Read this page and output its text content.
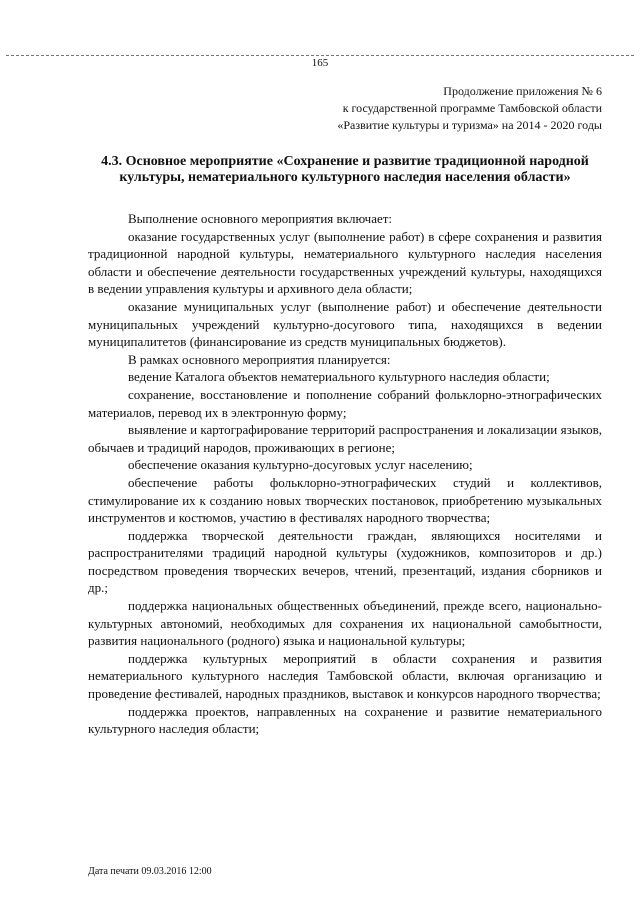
165
Продолжение приложения № 6
к государственной программе Тамбовской области
«Развитие культуры и туризма» на 2014 - 2020 годы
4.3. Основное мероприятие «Сохранение и развитие традиционной народной культуры, нематериального культурного наследия населения области»

Выполнение основного мероприятия включает:

оказание государственных услуг (выполнение работ) в сфере сохранения и развития традиционной народной культуры, нематериального культурного наследия населения области и обеспечение деятельности государственных учреждений культуры, находящихся в ведении управления культуры и архивного дела области;

оказание муниципальных услуг (выполнение работ) и обеспечение деятельности муниципальных учреждений культурно-досугового типа, находящихся в ведении муниципалитетов (финансирование из средств муниципальных бюджетов).

В рамках основного мероприятия планируется:

ведение Каталога объектов нематериального культурного наследия области;

сохранение, восстановление и пополнение собраний фольклорно-этнографических материалов, перевод их в электронную форму;

выявление и картографирование территорий распространения и локализации языков, обычаев и традиций народов, проживающих в регионе;

обеспечение оказания культурно-досуговых услуг населению;

обеспечение работы фольклорно-этнографических студий и коллективов, стимулирование их к созданию новых творческих постановок, приобретению музыкальных инструментов и костюмов, участию в фестивалях народного творчества;

поддержка творческой деятельности граждан, являющихся носителями и распространителями традиций народной культуры (художников, композиторов и др.) посредством проведения творческих вечеров, чтений, презентаций, издания сборников и др.;

поддержка национальных общественных объединений, прежде всего, национально-культурных автономий, необходимых для сохранения их национальной самобытности, развития национального (родного) языка и национальной культуры;

поддержка культурных мероприятий в области сохранения и развития нематериального культурного наследия Тамбовской области, включая организацию и проведение фестивалей, народных праздников, выставок и конкурсов народного творчества;

поддержка проектов, направленных на сохранение и развитие нематериального культурного наследия области;

Дата печати 09.03.2016 12:00
